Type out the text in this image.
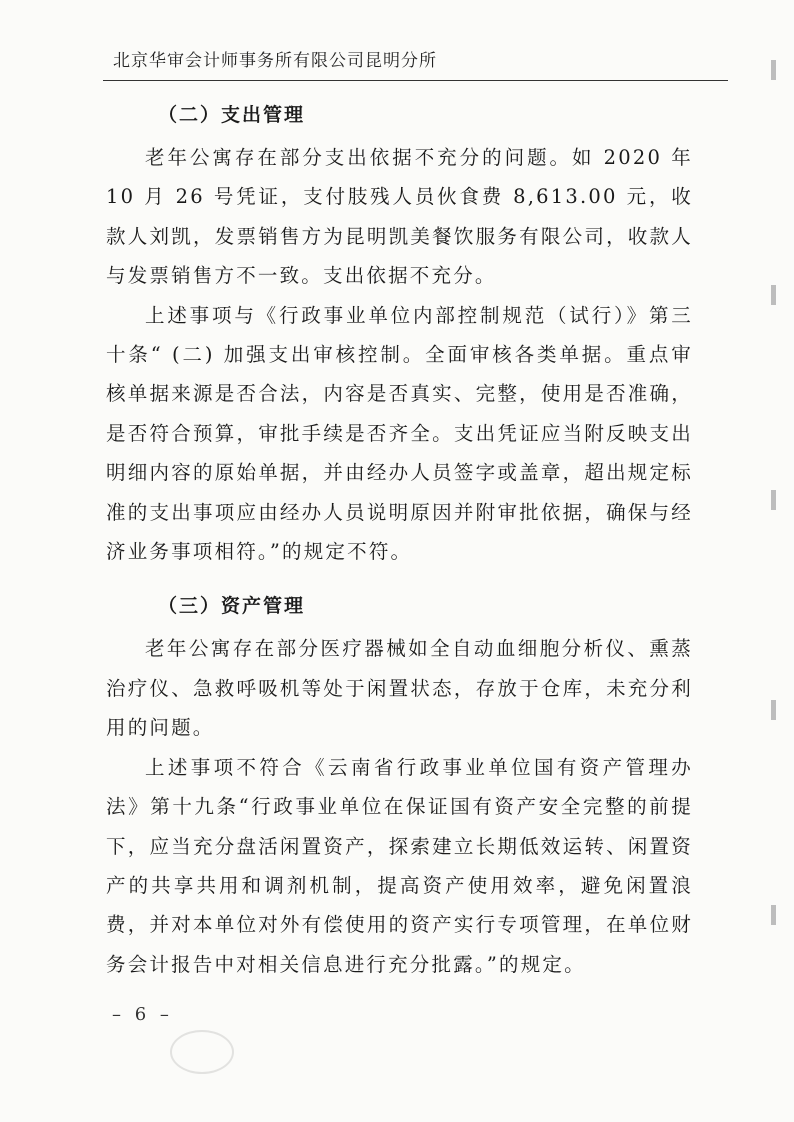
北京华审会计师事务所有限公司昆明分所
（二）支出管理

老年公寓存在部分支出依据不充分的问题。如 2020 年 10 月 26 号凭证，支付肢残人员伙食费 8,613.00 元，收款人刘凯，发票销售方为昆明凯美餐饮服务有限公司，收款人与发票销售方不一致。支出依据不充分。

上述事项与《行政事业单位内部控制规范（试行）》第三十条“ (二) 加强支出审核控制。全面审核各类单据。重点审核单据来源是否合法，内容是否真实、完整，使用是否准确，是否符合预算，审批手续是否齐全。支出凭证应当附反映支出明细内容的原始单据，并由经办人员签字或盖章，超出规定标准的支出事项应由经办人员说明原因并附审批依据，确保与经济业务事项相符。”的规定不符。

（三）资产管理

老年公寓存在部分医疗器械如全自动血细胞分析仪、熏蒸治疗仪、急救呼吸机等处于闲置状态，存放于仓库，未充分利用的问题。

上述事项不符合《云南省行政事业单位国有资产管理办法》第十九条“行政事业单位在保证国有资产安全完整的前提下，应当充分盘活闲置资产，探索建立长期低效运转、闲置资产的共享共用和调剂机制，提高资产使用效率，避免闲置浪费，并对本单位对外有偿使用的资产实行专项管理，在单位财务会计报告中对相关信息进行充分批露。”的规定。

– 6 –
